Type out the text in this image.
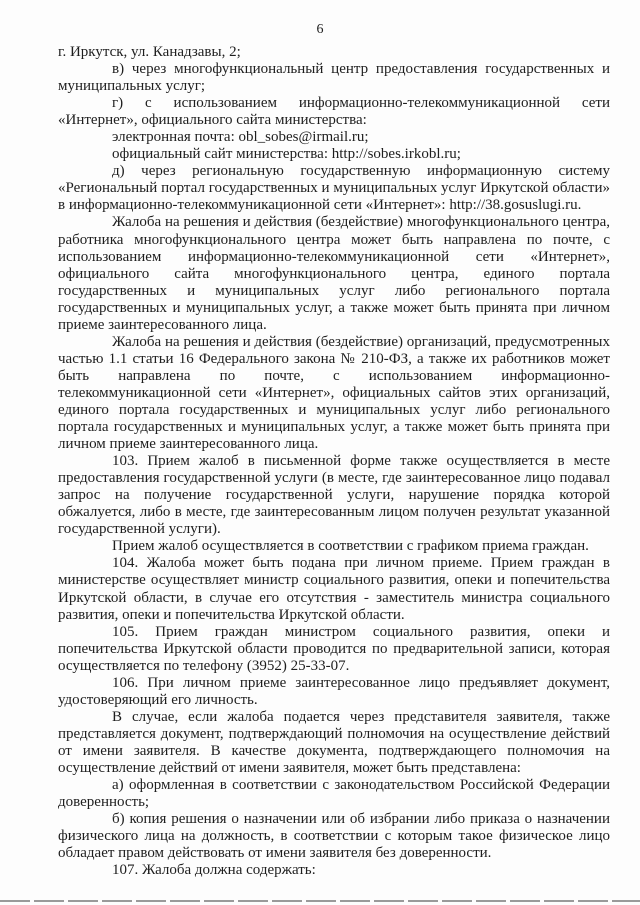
6

г. Иркутск, ул. Канадзавы, 2;

в) через многофункциональный центр предоставления государственных и муниципальных услуг;

г) с использованием информационно-телекоммуникационной сети «Интернет», официального сайта министерства:

электронная почта: obl_sobes@irmail.ru;

официальный сайт министерства: http://sobes.irkobl.ru;

д) через региональную государственную информационную систему «Региональный портал государственных и муниципальных услуг Иркутской области» в информационно-телекоммуникационной сети «Интернет»: http://38.gosuslugi.ru.

Жалоба на решения и действия (бездействие) многофункционального центра, работника многофункционального центра может быть направлена по почте, с использованием информационно-телекоммуникационной сети «Интернет», официального сайта многофункционального центра, единого портала государственных и муниципальных услуг либо регионального портала государственных и муниципальных услуг, а также может быть принята при личном приеме заинтересованного лица.

Жалоба на решения и действия (бездействие) организаций, предусмотренных частью 1.1 статьи 16 Федерального закона № 210-ФЗ, а также их работников может быть направлена по почте, с использованием информационно-телекоммуникационной сети «Интернет», официальных сайтов этих организаций, единого портала государственных и муниципальных услуг либо регионального портала государственных и муниципальных услуг, а также может быть принята при личном приеме заинтересованного лица.

103. Прием жалоб в письменной форме также осуществляется в месте предоставления государственной услуги (в месте, где заинтересованное лицо подавал запрос на получение государственной услуги, нарушение порядка которой обжалуется, либо в месте, где заинтересованным лицом получен результат указанной государственной услуги).

Прием жалоб осуществляется в соответствии с графиком приема граждан.

104. Жалоба может быть подана при личном приеме. Прием граждан в министерстве осуществляет министр социального развития, опеки и попечительства Иркутской области, в случае его отсутствия - заместитель министра социального развития, опеки и попечительства Иркутской области.

105. Прием граждан министром социального развития, опеки и попечительства Иркутской области проводится по предварительной записи, которая осуществляется по телефону (3952) 25-33-07.

106. При личном приеме заинтересованное лицо предъявляет документ, удостоверяющий его личность.

В случае, если жалоба подается через представителя заявителя, также представляется документ, подтверждающий полномочия на осуществление действий от имени заявителя. В качестве документа, подтверждающего полномочия на осуществление действий от имени заявителя, может быть представлена:

а) оформленная в соответствии с законодательством Российской Федерации доверенность;

б) копия решения о назначении или об избрании либо приказа о назначении физического лица на должность, в соответствии с которым такое физическое лицо обладает правом действовать от имени заявителя без доверенности.

107. Жалоба должна содержать:
